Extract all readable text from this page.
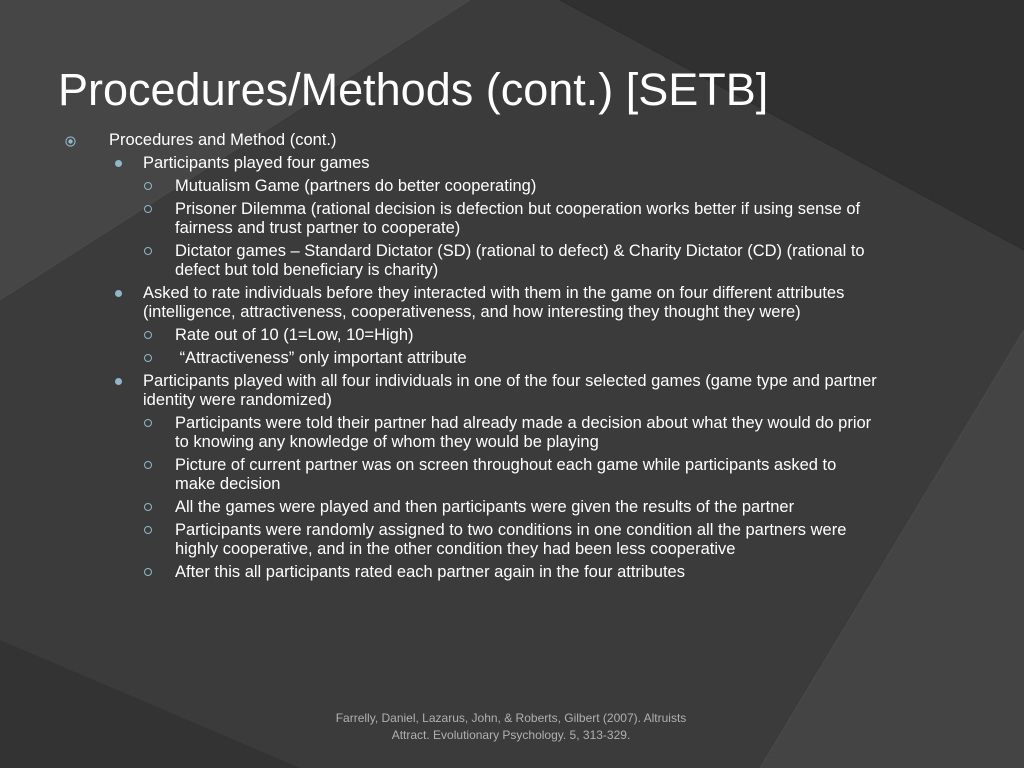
Procedures/Methods (cont.) [SETB]
Procedures and Method (cont.)
Participants played four games
Mutualism Game (partners do better cooperating)
Prisoner Dilemma (rational decision is defection but cooperation works better if using sense of fairness and trust partner to cooperate)
Dictator games – Standard Dictator (SD) (rational to defect) & Charity Dictator (CD) (rational to defect but told beneficiary is charity)
Asked to rate individuals before they interacted with them in the game on four different attributes (intelligence, attractiveness, cooperativeness, and how interesting they thought they were)
Rate out of 10 (1=Low, 10=High)
“Attractiveness” only important attribute
Participants played with all four individuals in one of the four selected games (game type and partner identity were randomized)
Participants were told their partner had already made a decision about what they would do prior to knowing any knowledge of whom they would be playing
Picture of current partner was on screen throughout each game while participants asked to make decision
All the games were played and then participants were given the results of the partner
Participants were randomly assigned to two conditions in one condition all the partners were highly cooperative, and in the other condition they had been less cooperative
After this all participants rated each partner again in the four attributes
Farrelly, Daniel, Lazarus, John, & Roberts, Gilbert (2007). Altruists Attract. Evolutionary Psychology. 5, 313-329.
